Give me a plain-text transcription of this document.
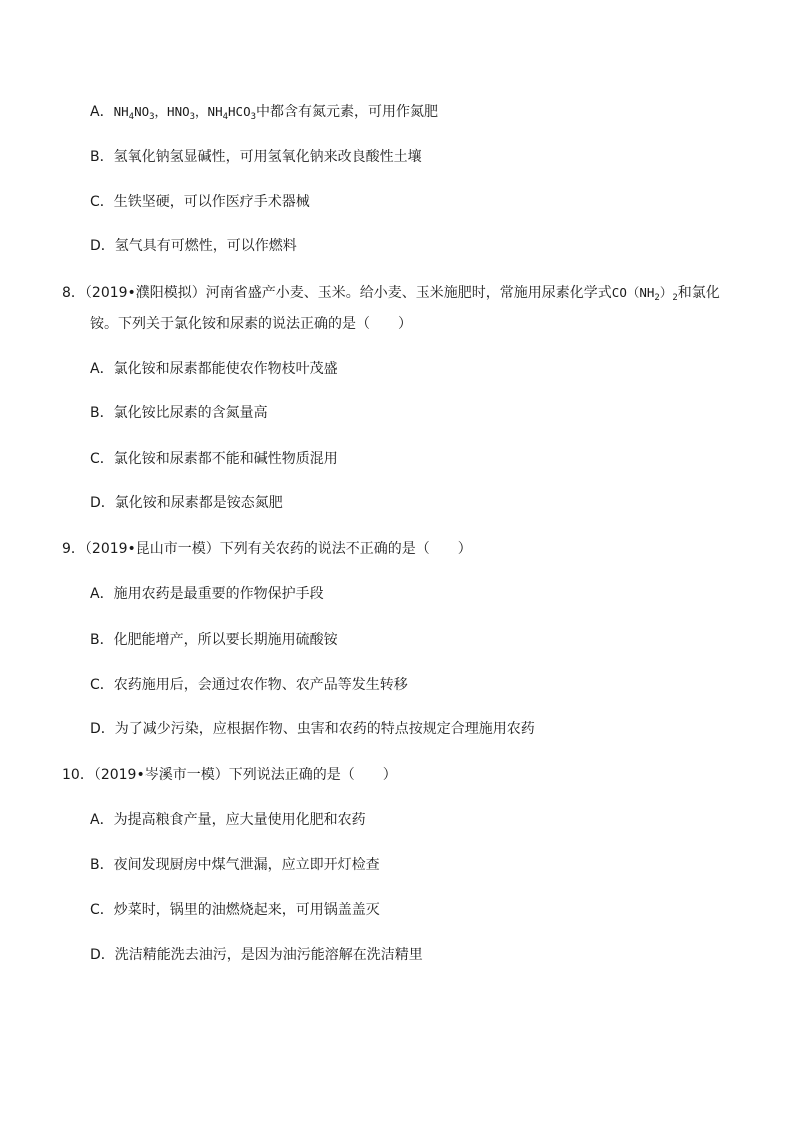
A．$NH_4NO_3$，$HNO_3$，$NH_4HCO_3$中都含有氮元素，可用作氮肥
B．氢氧化钠氢显碱性，可用氢氧化钠来改良酸性土壤
C．生铁坚硬，可以作医疗手术器械
D．氢气具有可燃性，可以作燃料
8．（2019•濮阳模拟）河南省盛产小麦、玉米。给小麦、玉米施肥时，常施用尿素化学式$CO(NH_2)_2$和氯化
铵。下列关于氯化铵和尿素的说法正确的是（　　）
A．氯化铵和尿素都能使农作物枝叶茂盛
B．氯化铵比尿素的含氮量高
C．氯化铵和尿素都不能和碱性物质混用
D．氯化铵和尿素都是铵态氮肥
9．（2019•昆山市一模）下列有关农药的说法不正确的是（　　）
A．施用农药是最重要的作物保护手段
B．化肥能增产，所以要长期施用硫酸铵
C．农药施用后，会通过农作物、农产品等发生转移
D．为了减少污染，应根据作物、虫害和农药的特点按规定合理施用农药
10．（2019•岑溪市一模）下列说法正确的是（　　）
A．为提高粮食产量，应大量使用化肥和农药
B．夜间发现厨房中煤气泄漏，应立即开灯检查
C．炒菜时，锅里的油燃烧起来，可用锅盖盖灭
D．洗洁精能洗去油污，是因为油污能溶解在洗洁精里
